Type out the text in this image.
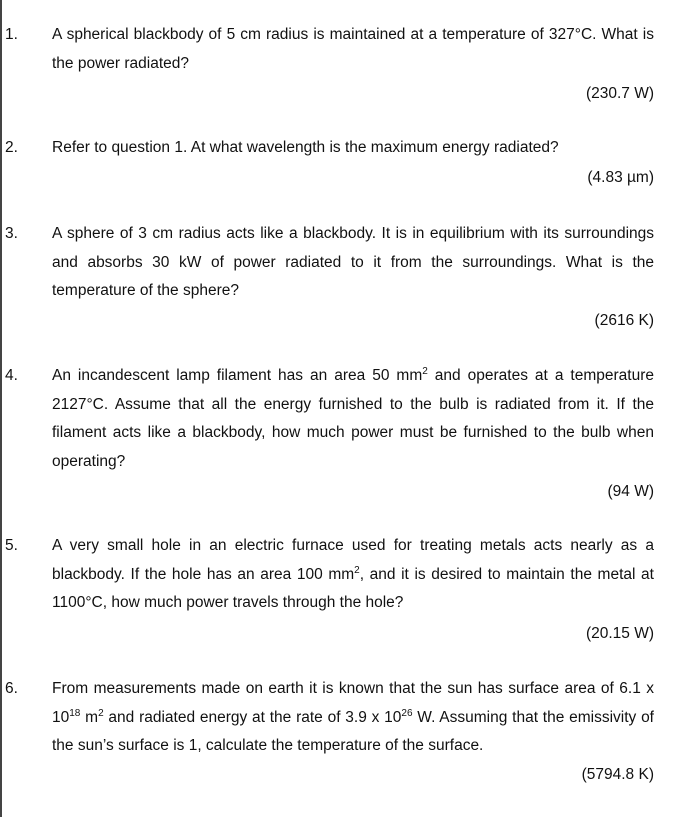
1. A spherical blackbody of 5 cm radius is maintained at a temperature of 327°C. What is the power radiated?
(230.7 W)
2. Refer to question 1. At what wavelength is the maximum energy radiated?
(4.83 µm)
3. A sphere of 3 cm radius acts like a blackbody. It is in equilibrium with its surroundings and absorbs 30 kW of power radiated to it from the surroundings. What is the temperature of the sphere?
(2616 K)
4. An incandescent lamp filament has an area 50 $mm^2$ and operates at a temperature 2127°C. Assume that all the energy furnished to the bulb is radiated from it. If the filament acts like a blackbody, how much power must be furnished to the bulb when operating?
(94 W)
5. A very small hole in an electric furnace used for treating metals acts nearly as a blackbody. If the hole has an area 100 $mm^2$, and it is desired to maintain the metal at 1100°C, how much power travels through the hole?
(20.15 W)
6. From measurements made on earth it is known that the sun has surface area of 6.1 x $10^{18}$ $m^2$ and radiated energy at the rate of 3.9 x $10^{26}$ W. Assuming that the emissivity of the sun’s surface is 1, calculate the temperature of the surface.
(5794.8 K)
